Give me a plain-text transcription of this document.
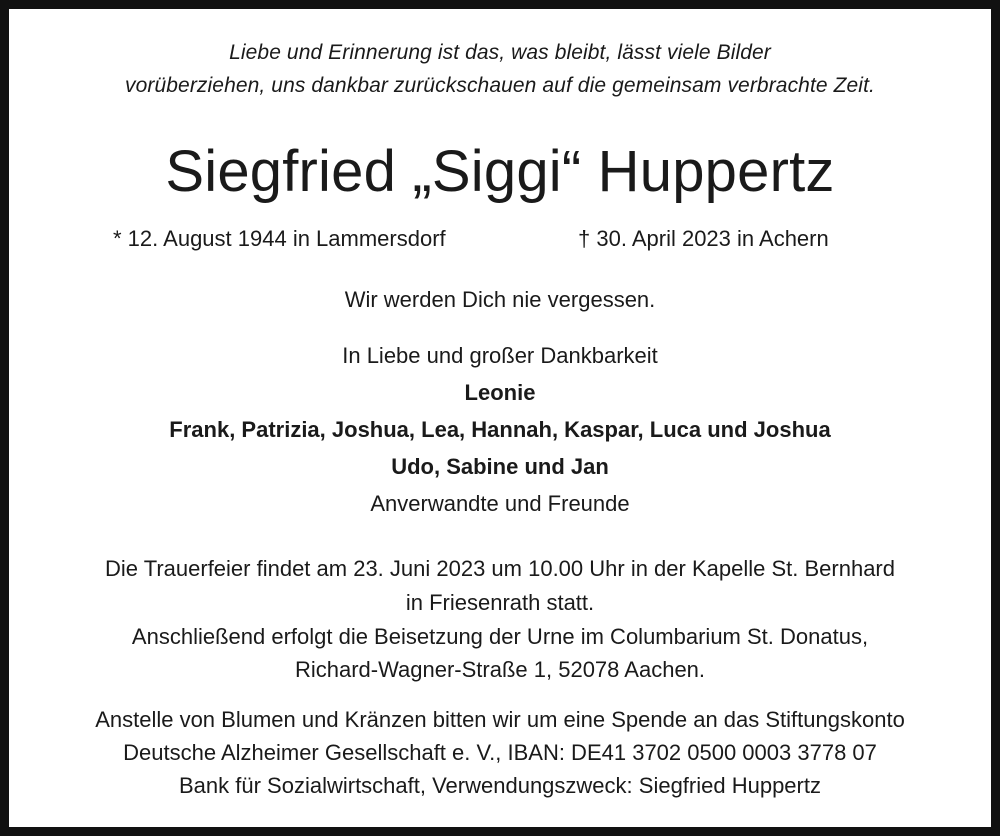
Liebe und Erinnerung ist das, was bleibt, lässt viele Bilder
vorüberziehen, uns dankbar zurückschauen auf die gemeinsam verbrachte Zeit.
Siegfried „Siggi“ Huppertz
* 12. August 1944 in Lammersdorf	† 30. April 2023 in Achern
Wir werden Dich nie vergessen.
In Liebe und großer Dankbarkeit
Leonie
Frank, Patrizia, Joshua, Lea, Hannah, Kaspar, Luca und Joshua
Udo, Sabine und Jan
Anverwandte und Freunde
Die Trauerfeier findet am 23. Juni 2023 um 10.00 Uhr in der Kapelle St. Bernhard
in Friesenrath statt.
Anschließend erfolgt die Beisetzung der Urne im Columbarium St. Donatus,
Richard-Wagner-Straße 1, 52078 Aachen.
Anstelle von Blumen und Kränzen bitten wir um eine Spende an das Stiftungskonto
Deutsche Alzheimer Gesellschaft e. V., IBAN: DE41 3702 0500 0003 3778 07
Bank für Sozialwirtschaft, Verwendungszweck: Siegfried Huppertz
